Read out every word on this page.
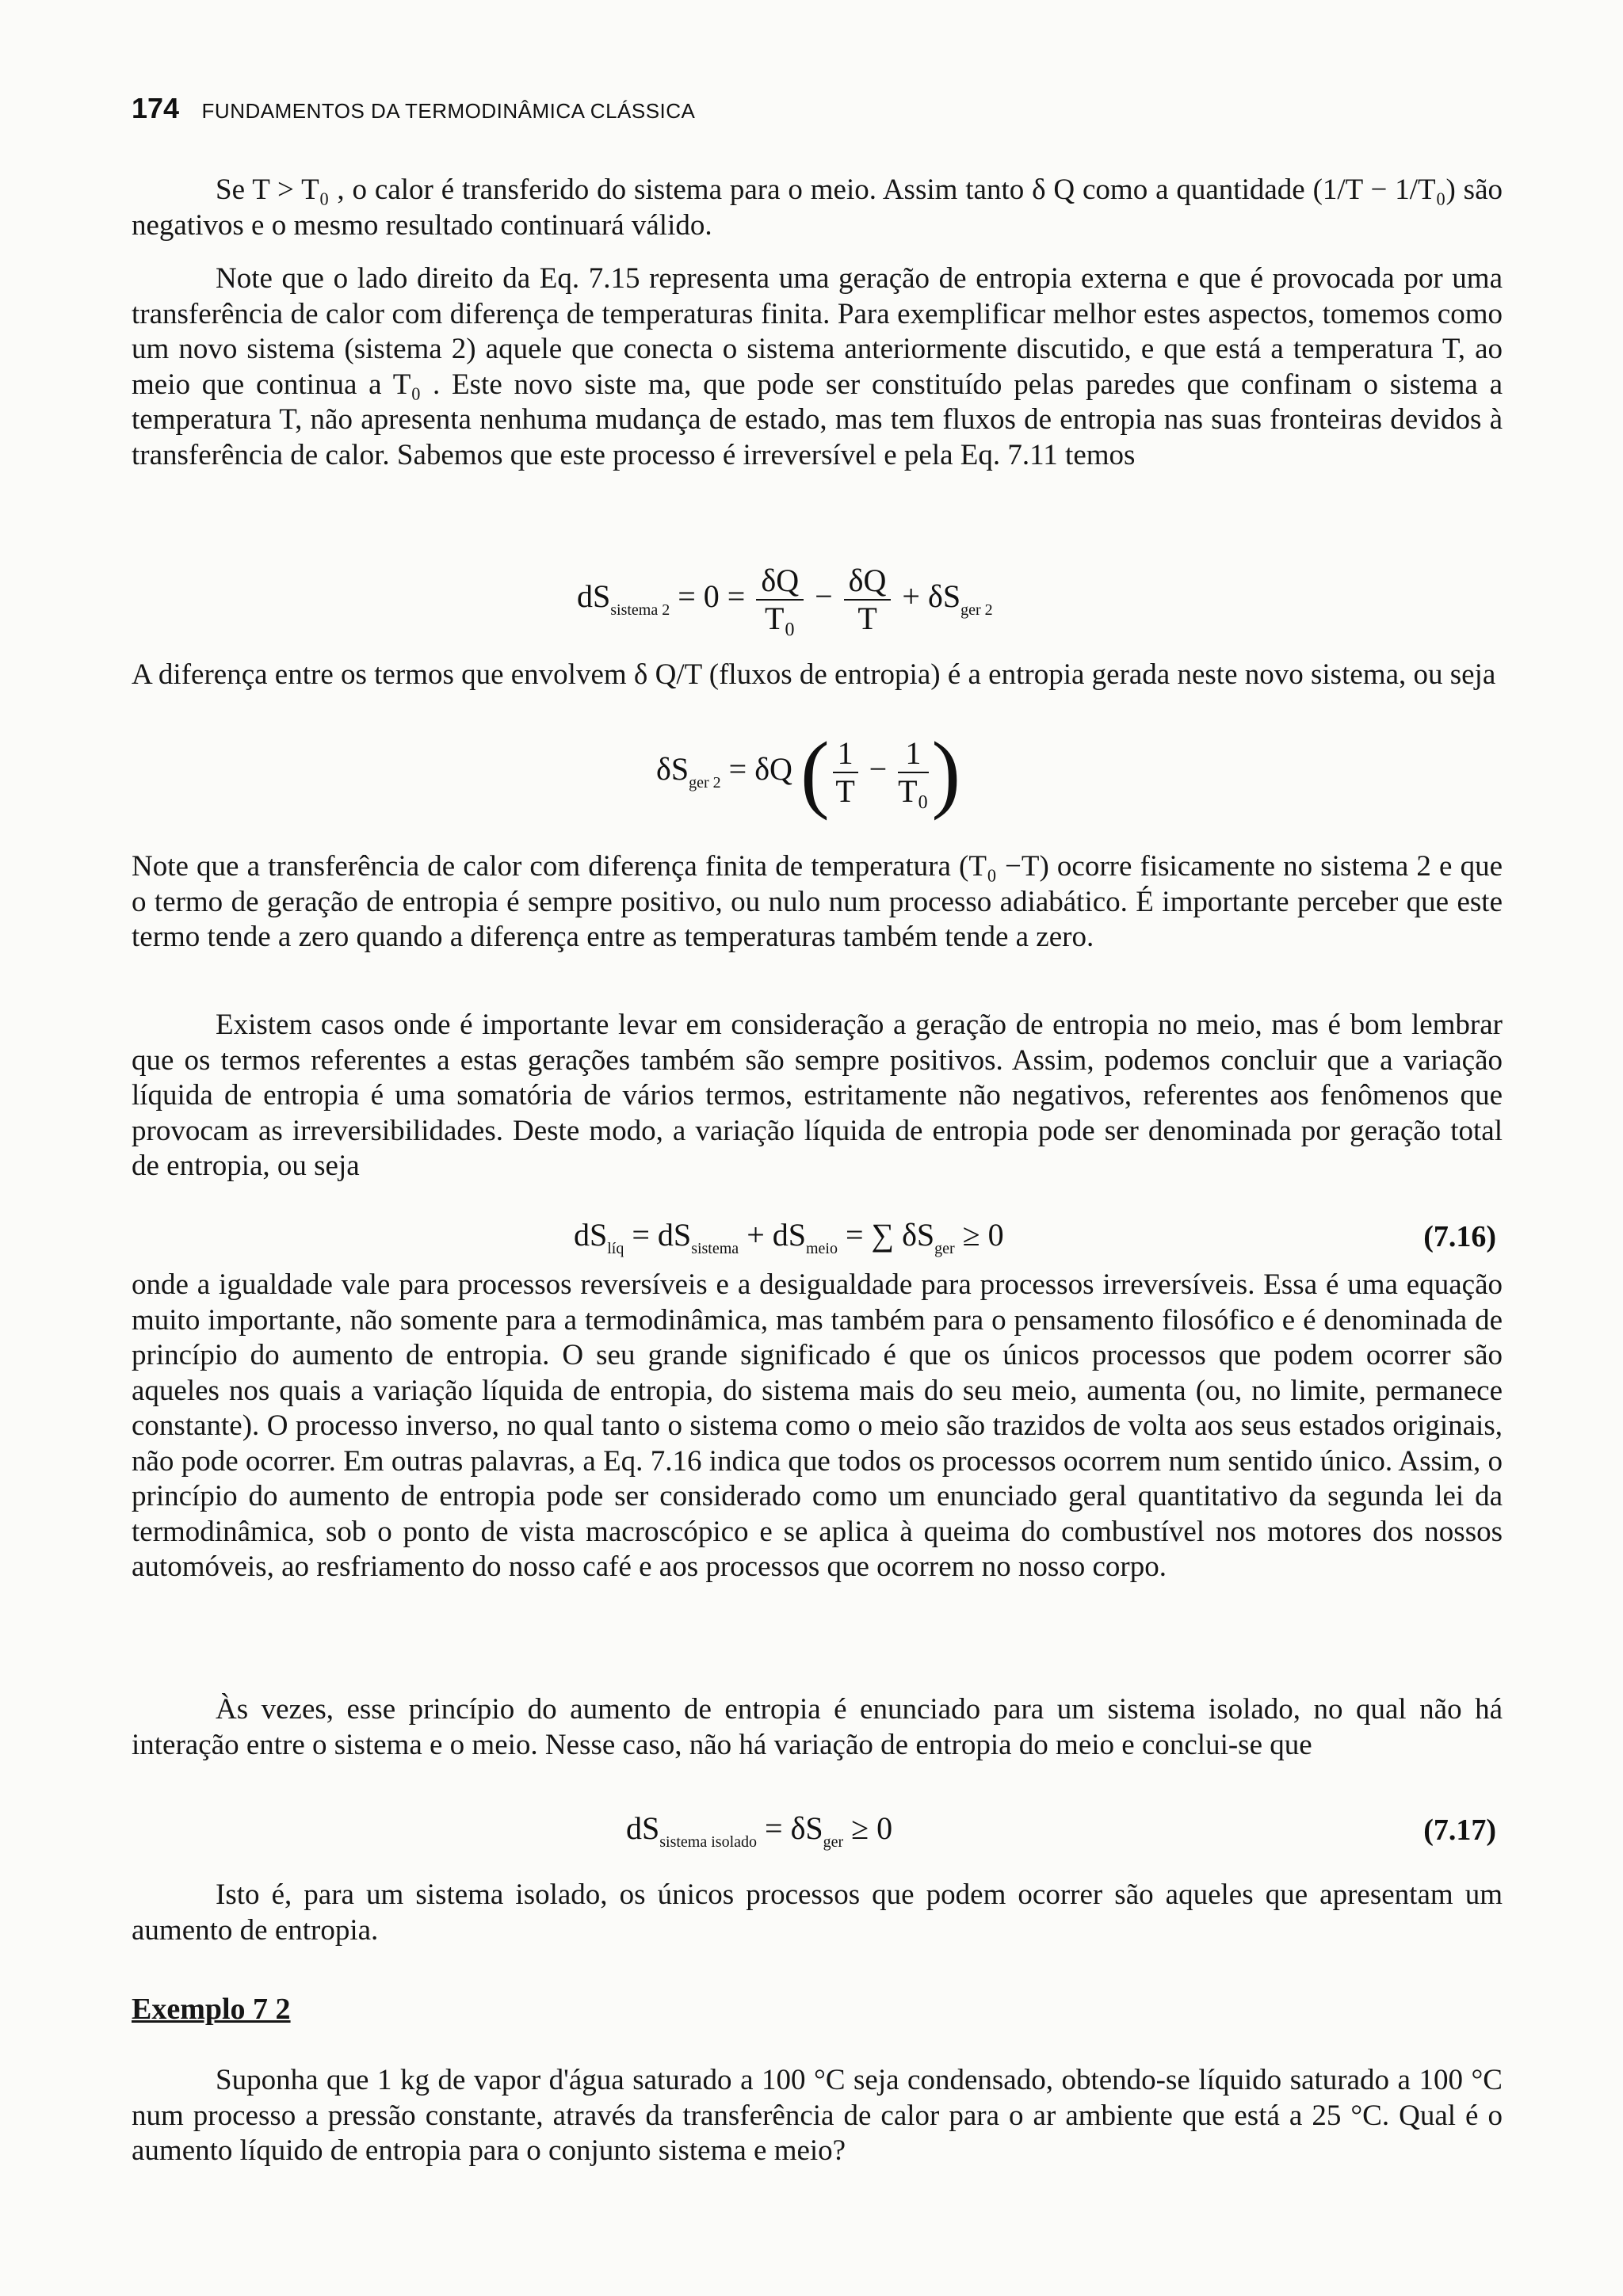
174 FUNDAMENTOS DA TERMODINÂMICA CLÁSSICA

Se T > T₀ , o calor é transferido do sistema para o meio. Assim tanto δ Q como a quantidade (1/T − 1/T₀) são negativos e o mesmo resultado continuará válido.

Note que o lado direito da Eq. 7.15 representa uma geração de entropia externa e que é provocada por uma transferência de calor com diferença de temperaturas finita. Para exemplificar melhor estes aspectos, tomemos como um novo sistema (sistema 2) aquele que conecta o sistema anteriormente discutido, e que está a temperatura T, ao meio que continua a T₀ . Este novo siste ma, que pode ser constituído pelas paredes que confinam o sistema a temperatura T, não apresenta nenhuma mudança de estado, mas tem fluxos de entropia nas suas fronteiras devidos à transferência de calor. Sabemos que este processo é irreversível e pela Eq. 7.11 temos

$dS_{sistema 2} = 0 = \frac{\delta Q}{\text{T₀}} - \frac{\delta Q}{T} + \delta S_{ger 2}$

A diferença entre os termos que envolvem δ Q/T (fluxos de entropia) é a entropia gerada neste novo sistema, ou seja

$\delta S_{ger 2} = \delta Q$ ( $\frac{1}{T} - \frac{1}{\text{T₀}}$ )

Note que a transferência de calor com diferença finita de temperatura (T₀ −T) ocorre fisicamente no sistema 2 e que o termo de geração de entropia é sempre positivo, ou nulo num processo adiabático. É importante perceber que este termo tende a zero quando a diferença entre as temperaturas também tende a zero.

Existem casos onde é importante levar em consideração a geração de entropia no meio, mas é bom lembrar que os termos referentes a estas gerações também são sempre positivos. Assim, podemos concluir que a variação líquida de entropia é uma somatória de vários termos, estritamente não negativos, referentes aos fenômenos que provocam as irreversibilidades. Deste modo, a variação líquida de entropia pode ser denominada por geração total de entropia, ou seja

$dS_{líq} = dS_{sistema} + dS_{meio}$ = ∑ $\delta S_{ger} \ge 0$	(7.16)

onde a igualdade vale para processos reversíveis e a desigualdade para processos irreversíveis. Essa é uma equação muito importante, não somente para a termodinâmica, mas também para o pensamento filosófico e é denominada de princípio do aumento de entropia. O seu grande significado é que os únicos processos que podem ocorrer são aqueles nos quais a variação líquida de entropia, do sistema mais do seu meio, aumenta (ou, no limite, permanece constante). O processo inverso, no qual tanto o sistema como o meio são trazidos de volta aos seus estados originais, não pode ocorrer. Em outras palavras, a Eq. 7.16 indica que todos os processos ocorrem num sentido único. Assim, o princípio do aumento de entropia pode ser considerado como um enunciado geral quantitativo da segunda lei da termodinâmica, sob o ponto de vista macroscópico e se aplica à queima do combustível nos motores dos nossos automóveis, ao resfriamento do nosso café e aos processos que ocorrem no nosso corpo.

Às vezes, esse princípio do aumento de entropia é enunciado para um sistema isolado, no qual não há interação entre o sistema e o meio. Nesse caso, não há variação de entropia do meio e conclui-se que

$dS_{sistema isolado} = \delta S_{ger} \ge 0$	(7.17)

Isto é, para um sistema isolado, os únicos processos que podem ocorrer são aqueles que apresentam um aumento de entropia.

Exemplo 7 2

Suponha que 1 kg de vapor d'água saturado a 100 °C seja condensado, obtendo-se líquido saturado a 100 °C num processo a pressão constante, através da transferência de calor para o ar ambiente que está a 25 °C. Qual é o aumento líquido de entropia para o conjunto sistema e meio?
